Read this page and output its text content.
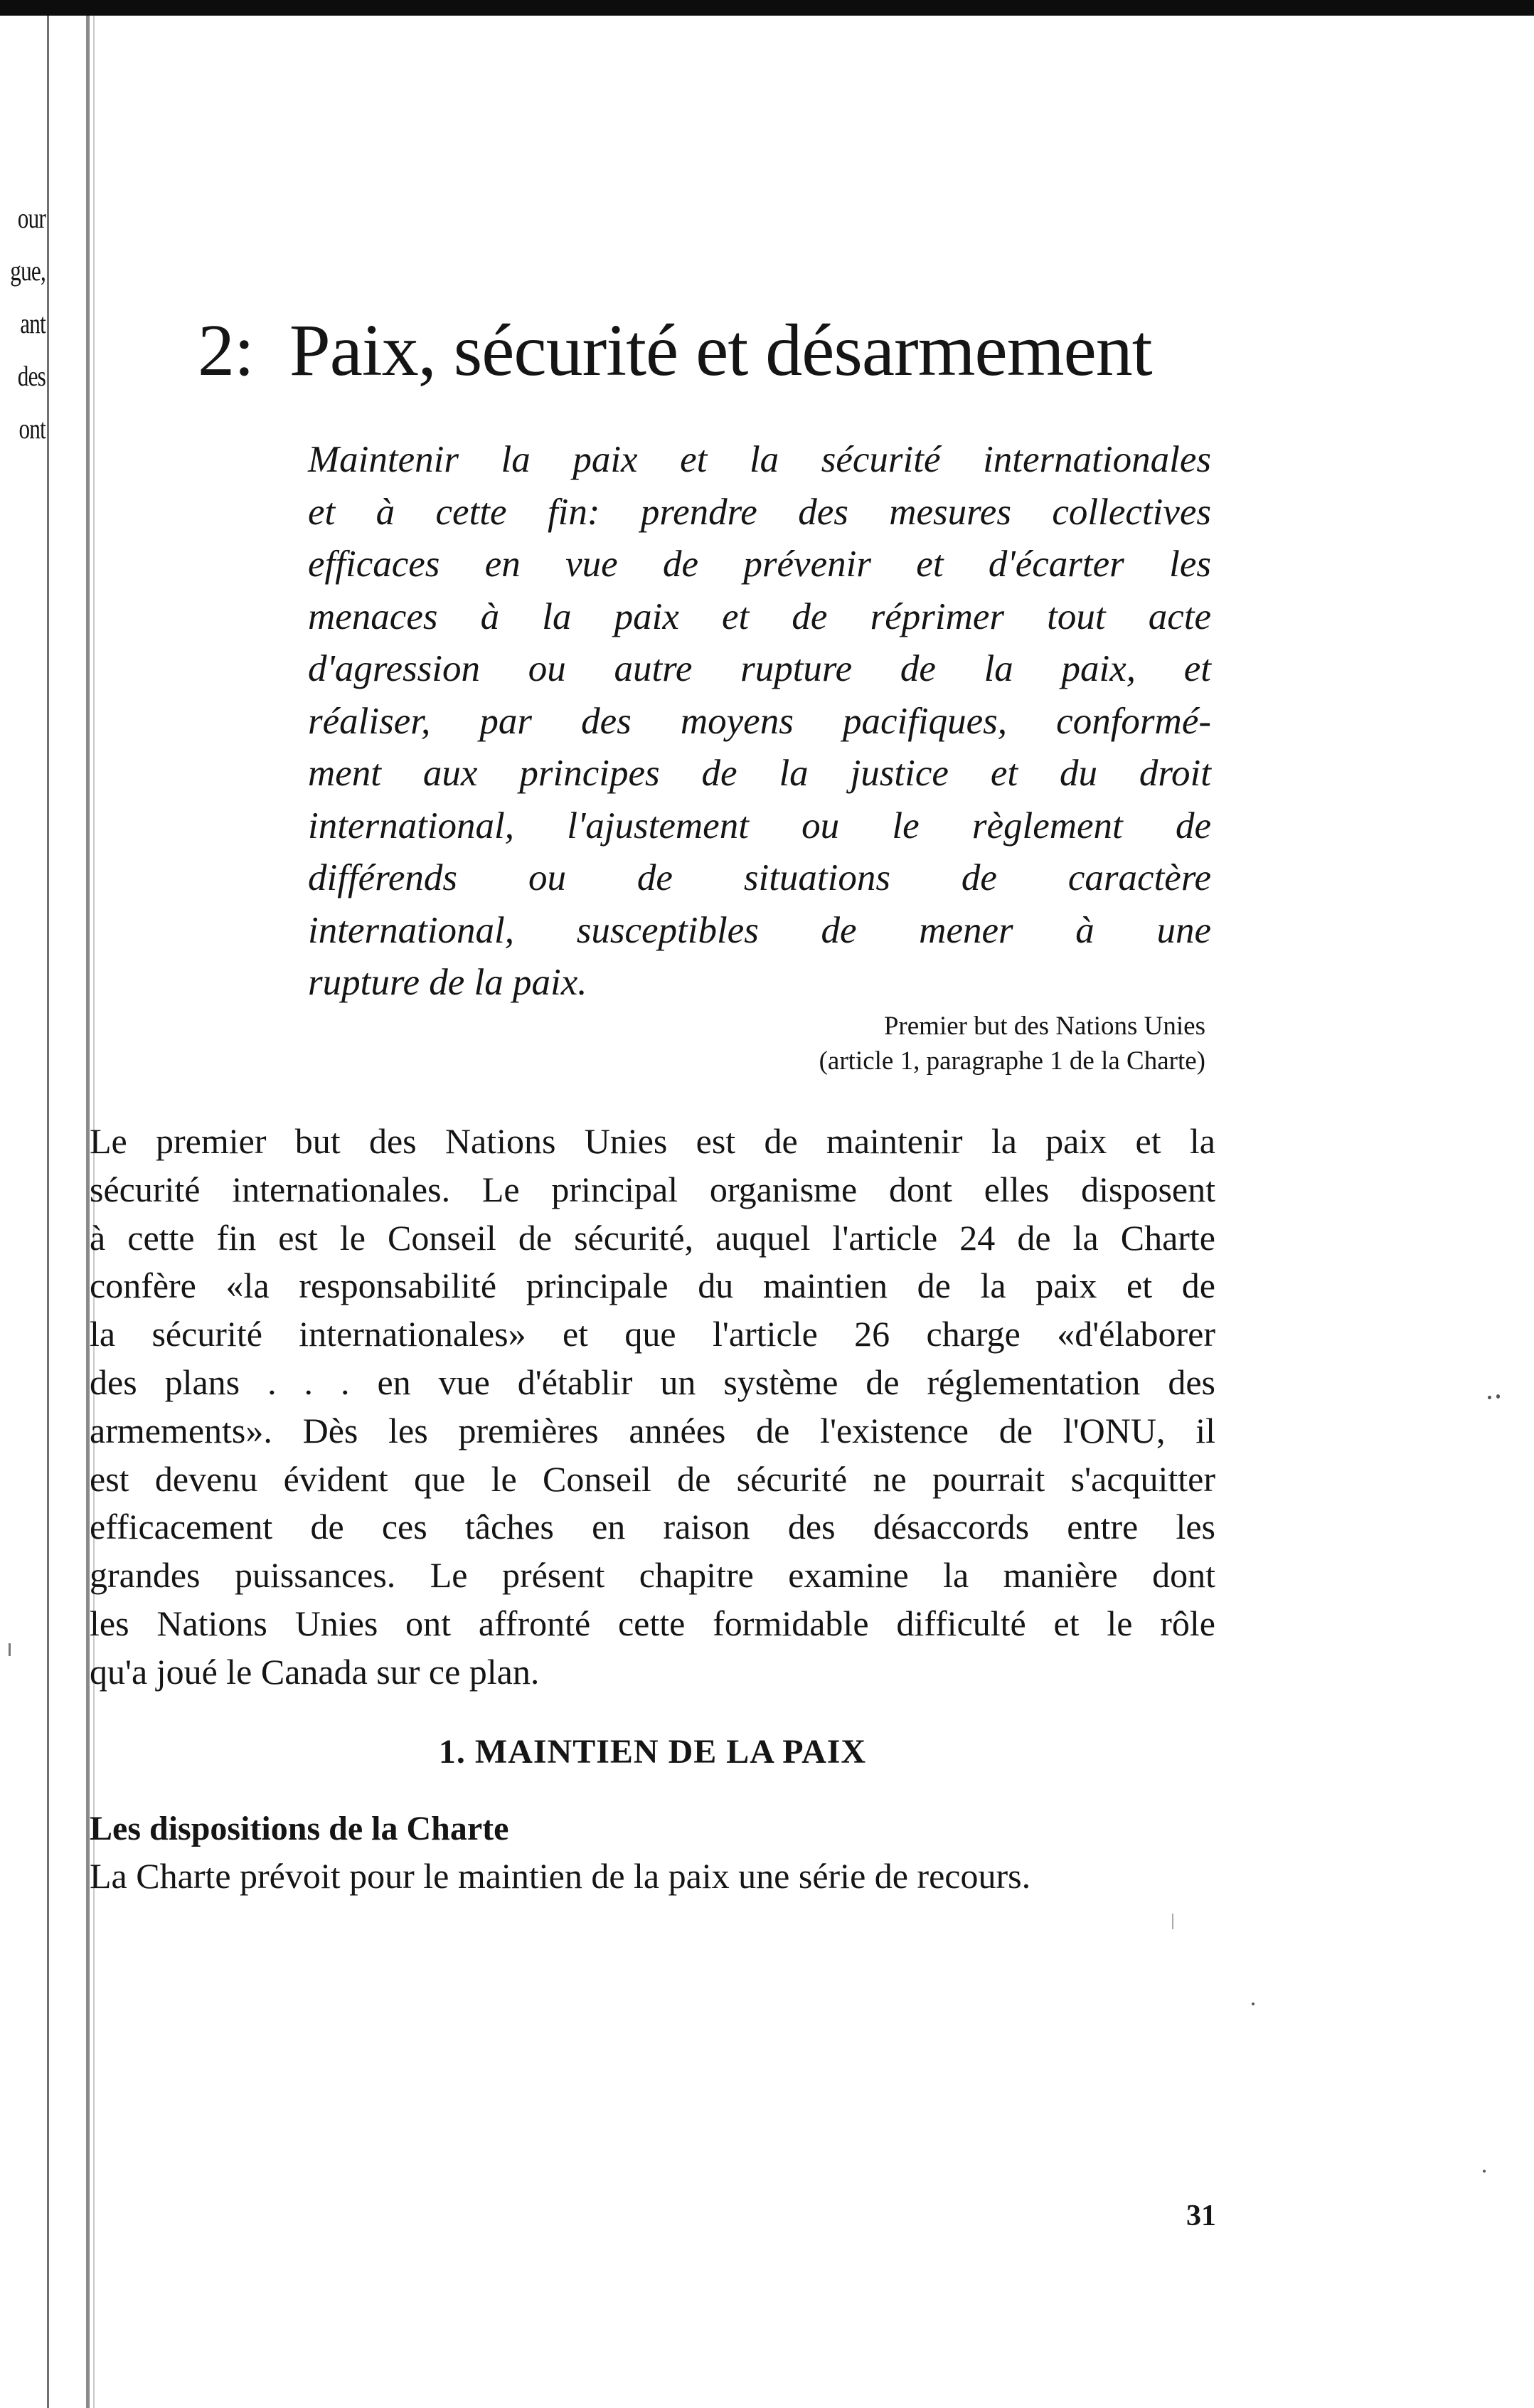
our
gue,
ant
des
ont
2: Paix, sécurité et désarmement
Maintenir la paix et la sécurité internationales
et à cette fin: prendre des mesures collectives
efficaces en vue de prévenir et d'écarter les
menaces à la paix et de réprimer tout acte
d'agression ou autre rupture de la paix, et
réaliser, par des moyens pacifiques, conformé-
ment aux principes de la justice et du droit
international, l'ajustement ou le règlement de
différends ou de situations de caractère
international, susceptibles de mener à une
rupture de la paix.
Premier but des Nations Unies
(article 1, paragraphe 1 de la Charte)
Le premier but des Nations Unies est de maintenir la paix et la
sécurité internationales. Le principal organisme dont elles disposent
à cette fin est le Conseil de sécurité, auquel l'article 24 de la Charte
confère «la responsabilité principale du maintien de la paix et de
la sécurité internationales» et que l'article 26 charge «d'élaborer
des plans . . . en vue d'établir un système de réglementation des
armements». Dès les premières années de l'existence de l'ONU, il
est devenu évident que le Conseil de sécurité ne pourrait s'acquitter
efficacement de ces tâches en raison des désaccords entre les
grandes puissances. Le présent chapitre examine la manière dont
les Nations Unies ont affronté cette formidable difficulté et le rôle
qu'a joué le Canada sur ce plan.
1. MAINTIEN DE LA PAIX
Les dispositions de la Charte
La Charte prévoit pour le maintien de la paix une série de recours.
31
